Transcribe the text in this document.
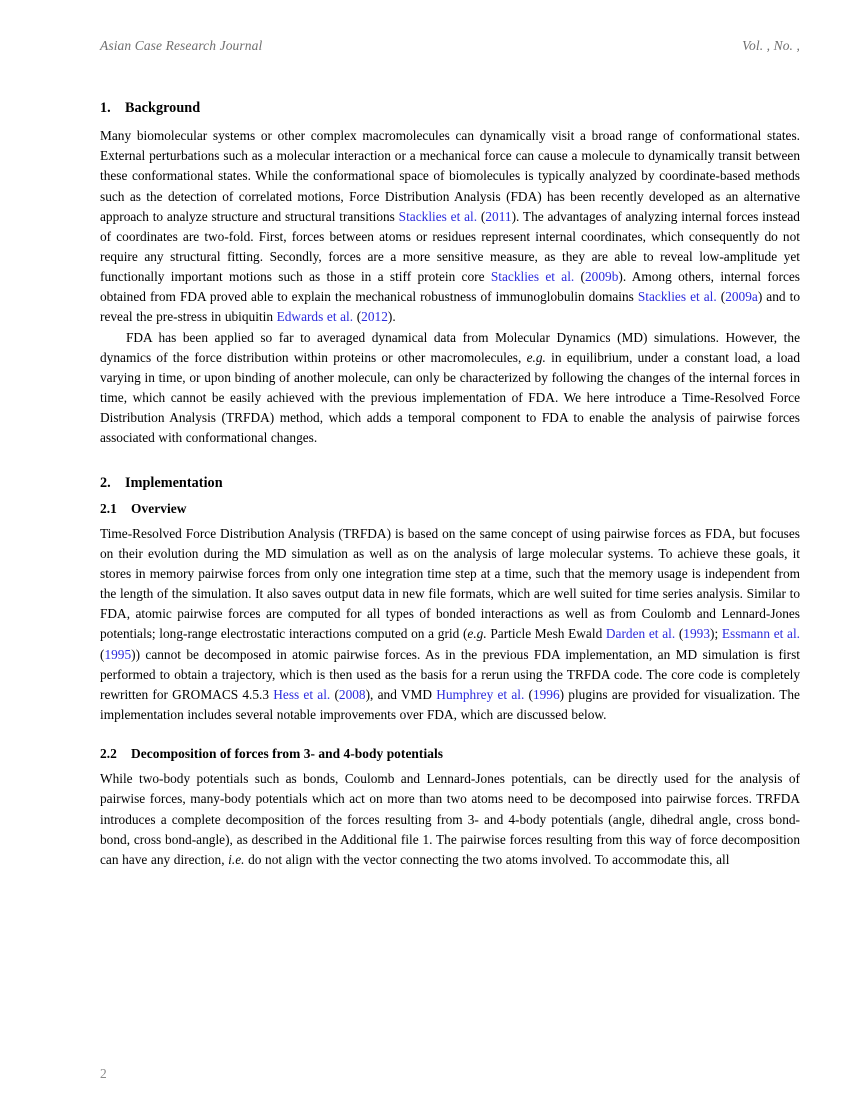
Asian Case Research Journal	Vol. , No. ,
1. Background

Many biomolecular systems or other complex macromolecules can dynamically visit a broad range of conformational states. External perturbations such as a molecular interaction or a mechanical force can cause a molecule to dynamically transit between these conformational states. While the conformational space of biomolecules is typically analyzed by coordinate-based methods such as the detection of correlated motions, Force Distribution Analysis (FDA) has been recently developed as an alternative approach to analyze structure and structural transitions Stacklies et al. (2011). The advantages of analyzing internal forces instead of coordinates are two-fold. First, forces between atoms or residues represent internal coordinates, which consequently do not require any structural fitting. Secondly, forces are a more sensitive measure, as they are able to reveal low-amplitude yet functionally important motions such as those in a stiff protein core Stacklies et al. (2009b). Among others, internal forces obtained from FDA proved able to explain the mechanical robustness of immunoglobulin domains Stacklies et al. (2009a) and to reveal the pre-stress in ubiquitin Edwards et al. (2012).

FDA has been applied so far to averaged dynamical data from Molecular Dynamics (MD) simulations. However, the dynamics of the force distribution within proteins or other macromolecules, e.g. in equilibrium, under a constant load, a load varying in time, or upon binding of another molecule, can only be characterized by following the changes of the internal forces in time, which cannot be easily achieved with the previous implementation of FDA. We here introduce a Time-Resolved Force Distribution Analysis (TRFDA) method, which adds a temporal component to FDA to enable the analysis of pairwise forces associated with conformational changes.

2. Implementation
2.1 Overview

Time-Resolved Force Distribution Analysis (TRFDA) is based on the same concept of using pairwise forces as FDA, but focuses on their evolution during the MD simulation as well as on the analysis of large molecular systems. To achieve these goals, it stores in memory pairwise forces from only one integration time step at a time, such that the memory usage is independent from the length of the simulation. It also saves output data in new file formats, which are well suited for time series analysis. Similar to FDA, atomic pairwise forces are computed for all types of bonded interactions as well as from Coulomb and Lennard-Jones potentials; long-range electrostatic interactions computed on a grid (e.g. Particle Mesh Ewald Darden et al. (1993); Essmann et al. (1995)) cannot be decomposed in atomic pairwise forces. As in the previous FDA implementation, an MD simulation is first performed to obtain a trajectory, which is then used as the basis for a rerun using the TRFDA code. The core code is completely rewritten for GROMACS 4.5.3 Hess et al. (2008), and VMD Humphrey et al. (1996) plugins are provided for visualization. The implementation includes several notable improvements over FDA, which are discussed below.

2.2 Decomposition of forces from 3- and 4-body potentials

While two-body potentials such as bonds, Coulomb and Lennard-Jones potentials, can be directly used for the analysis of pairwise forces, many-body potentials which act on more than two atoms need to be decomposed into pairwise forces. TRFDA introduces a complete decomposition of the forces resulting from 3- and 4-body potentials (angle, dihedral angle, cross bond-bond, cross bond-angle), as described in the Additional file 1. The pairwise forces resulting from this way of force decomposition can have any direction, i.e. do not align with the vector connecting the two atoms involved. To accommodate this, all

2
